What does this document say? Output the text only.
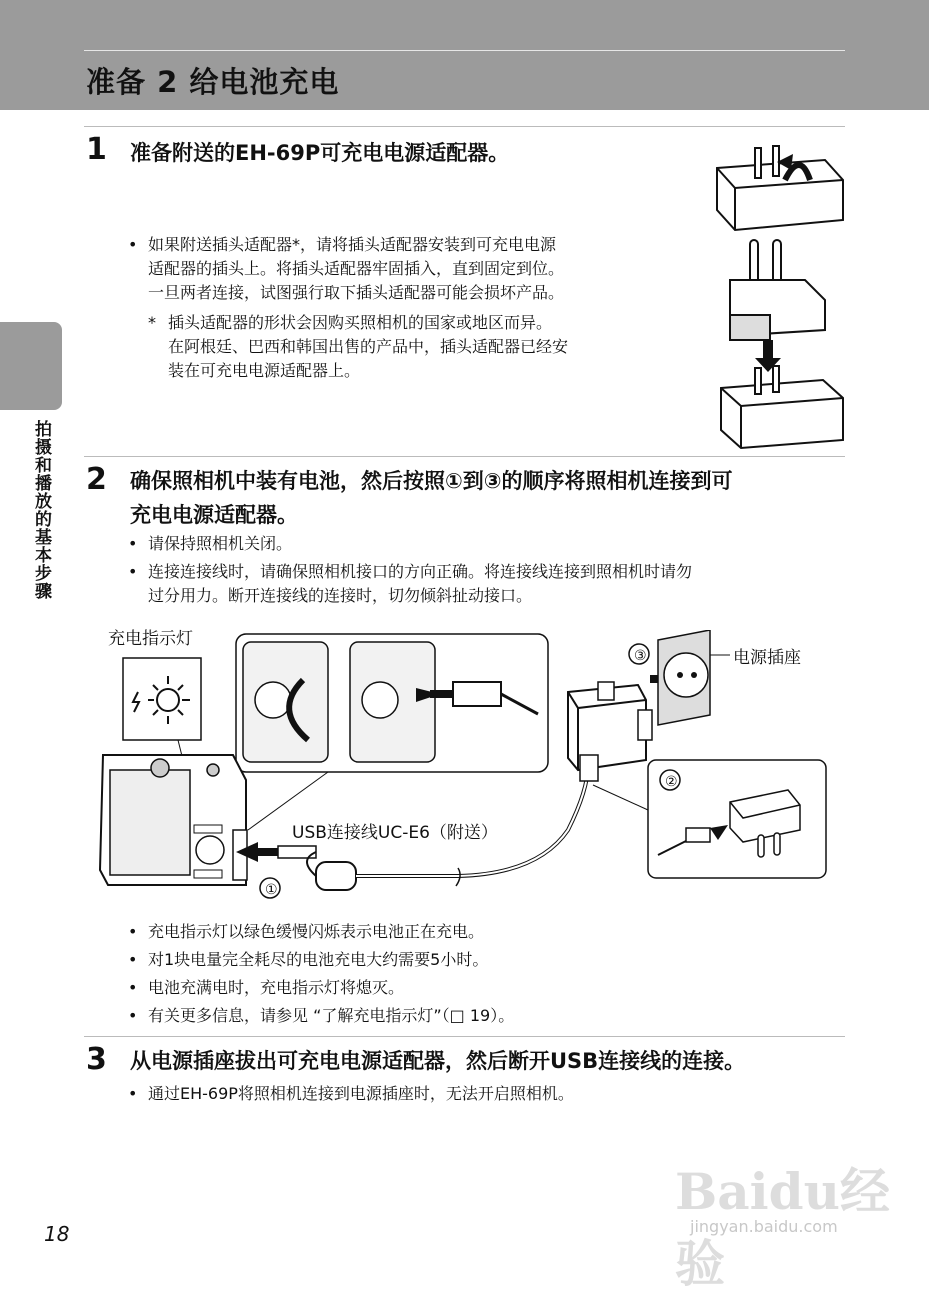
准备 2 给电池充电
拍摄和播放的基本步骤
1 准备附送的EH-69P可充电电源适配器。
• 如果附送插头适配器*，请将插头适配器安装到可充电电源
适配器的插头上。将插头适配器牢固插入，直到固定到位。
一旦两者连接，试图强行取下插头适配器可能会损坏产品。
* 插头适配器的形状会因购买照相机的国家或地区而异。
在阿根廷、巴西和韩国出售的产品中，插头适配器已经安
装在可充电电源适配器上。
2 确保照相机中装有电池，然后按照①到③的顺序将照相机连接到可
充电电源适配器。
• 请保持照相机关闭。
• 连接连接线时，请确保照相机接口的方向正确。将连接线连接到照相机时请勿
过分用力。断开连接线的连接时，切勿倾斜扯动接口。
充电指示灯
电源插座
USB连接线UC-E6（附送）
①
③
②
• 充电指示灯以绿色缓慢闪烁表示电池正在充电。
• 对1块电量完全耗尽的电池充电大约需要5小时。
• 电池充满电时，充电指示灯将熄灭。
• 有关更多信息，请参见 “了解充电指示灯”（□ 19）。
3 从电源插座拔出可充电电源适配器，然后断开USB连接线的连接。
• 通过EH-69P将照相机连接到电源插座时，无法开启照相机。
Baidu经验
jingyan.baidu.com
18
